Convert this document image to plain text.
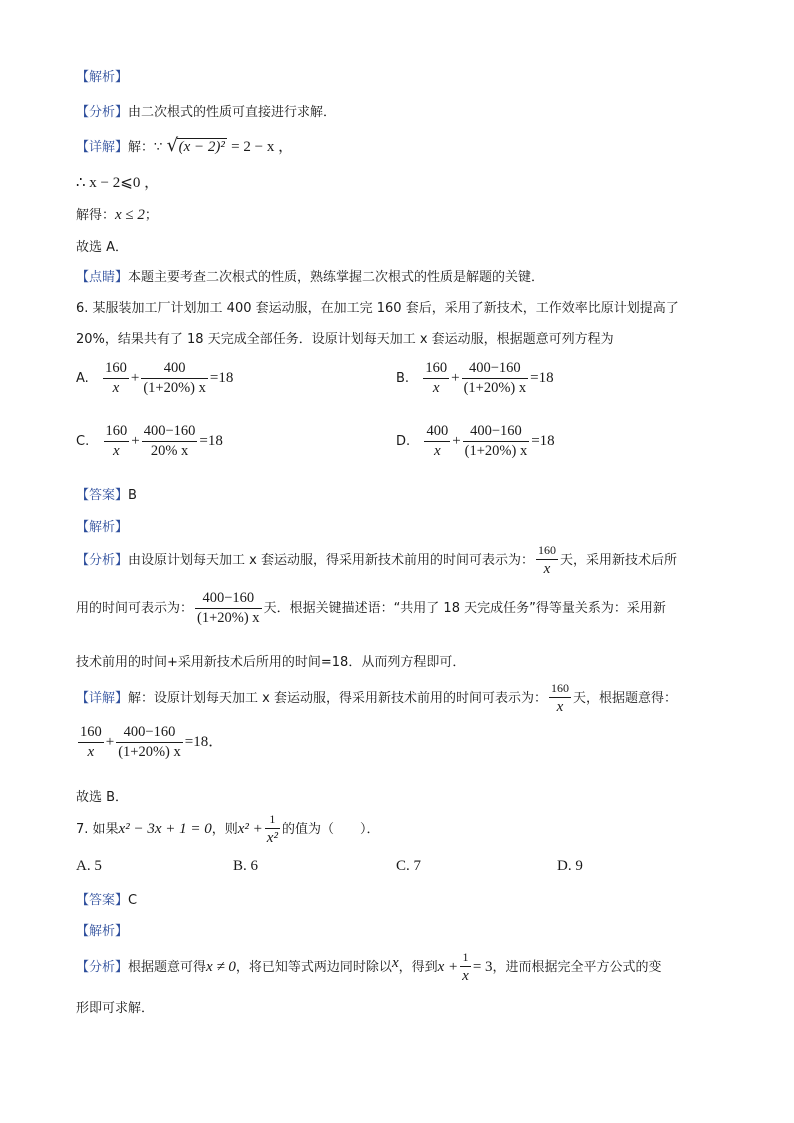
【解析】
【分析】由二次根式的性质可直接进行求解．
【详解】解：∵ √ (x − 2)² = 2 − x ，
∴ x − 2⩽0 ，
解得：x ≤ 2；
故选 A．
【点睛】本题主要考查二次根式的性质，熟练掌握二次根式的性质是解题的关键．
6. 某服装加工厂计划加工 400 套运动服，在加工完 160 套后，采用了新技术，工作效率比原计划提高了
20%，结果共有了 18 天完成全部任务．设原计划每天加工 x 套运动服，根据题意可列方程为
A. $\frac{160}{x} + \frac{400}{(1+20\%) x} =18$	B. $\frac{160}{x} + \frac{400-160}{(1+20\%) x} =18$
C. $\frac{160}{x} + \frac{400-160}{20\% x} =18$	D. $\frac{400}{x} + \frac{400-160}{(1+20\%) x} =18$
【答案】B
【解析】
【分析】由设原计划每天加工 x 套运动服，得采用新技术前用的时间可表示为： $\frac{160}{x}$ 天，采用新技术后所
用的时间可表示为： $\frac{400-160}{(1+20\%) x}$ 天．根据关键描述语：“共用了 18 天完成任务”得等量关系为：采用新
技术前用的时间+采用新技术后所用的时间=18．从而列方程即可．
【详解】解：设原计划每天加工 x 套运动服，得采用新技术前用的时间可表示为： $\frac{160}{x}$ 天，根据题意得：
$\frac{160}{x} + \frac{400-160}{(1+20\%) x} =18$．
故选 B．
7. 如果x² − 3x + 1 = 0，则$x^2 + \frac{1}{\text{x²}}$ 的值为（　　）．
A. 5	B. 6	C. 7	D. 9
【答案】C
【解析】
【分析】根据题意可得x ≠ 0，将已知等式两边同时除以x，得到$x + \frac{1}{x} = 3$，进而根据完全平方公式的变
形即可求解．
